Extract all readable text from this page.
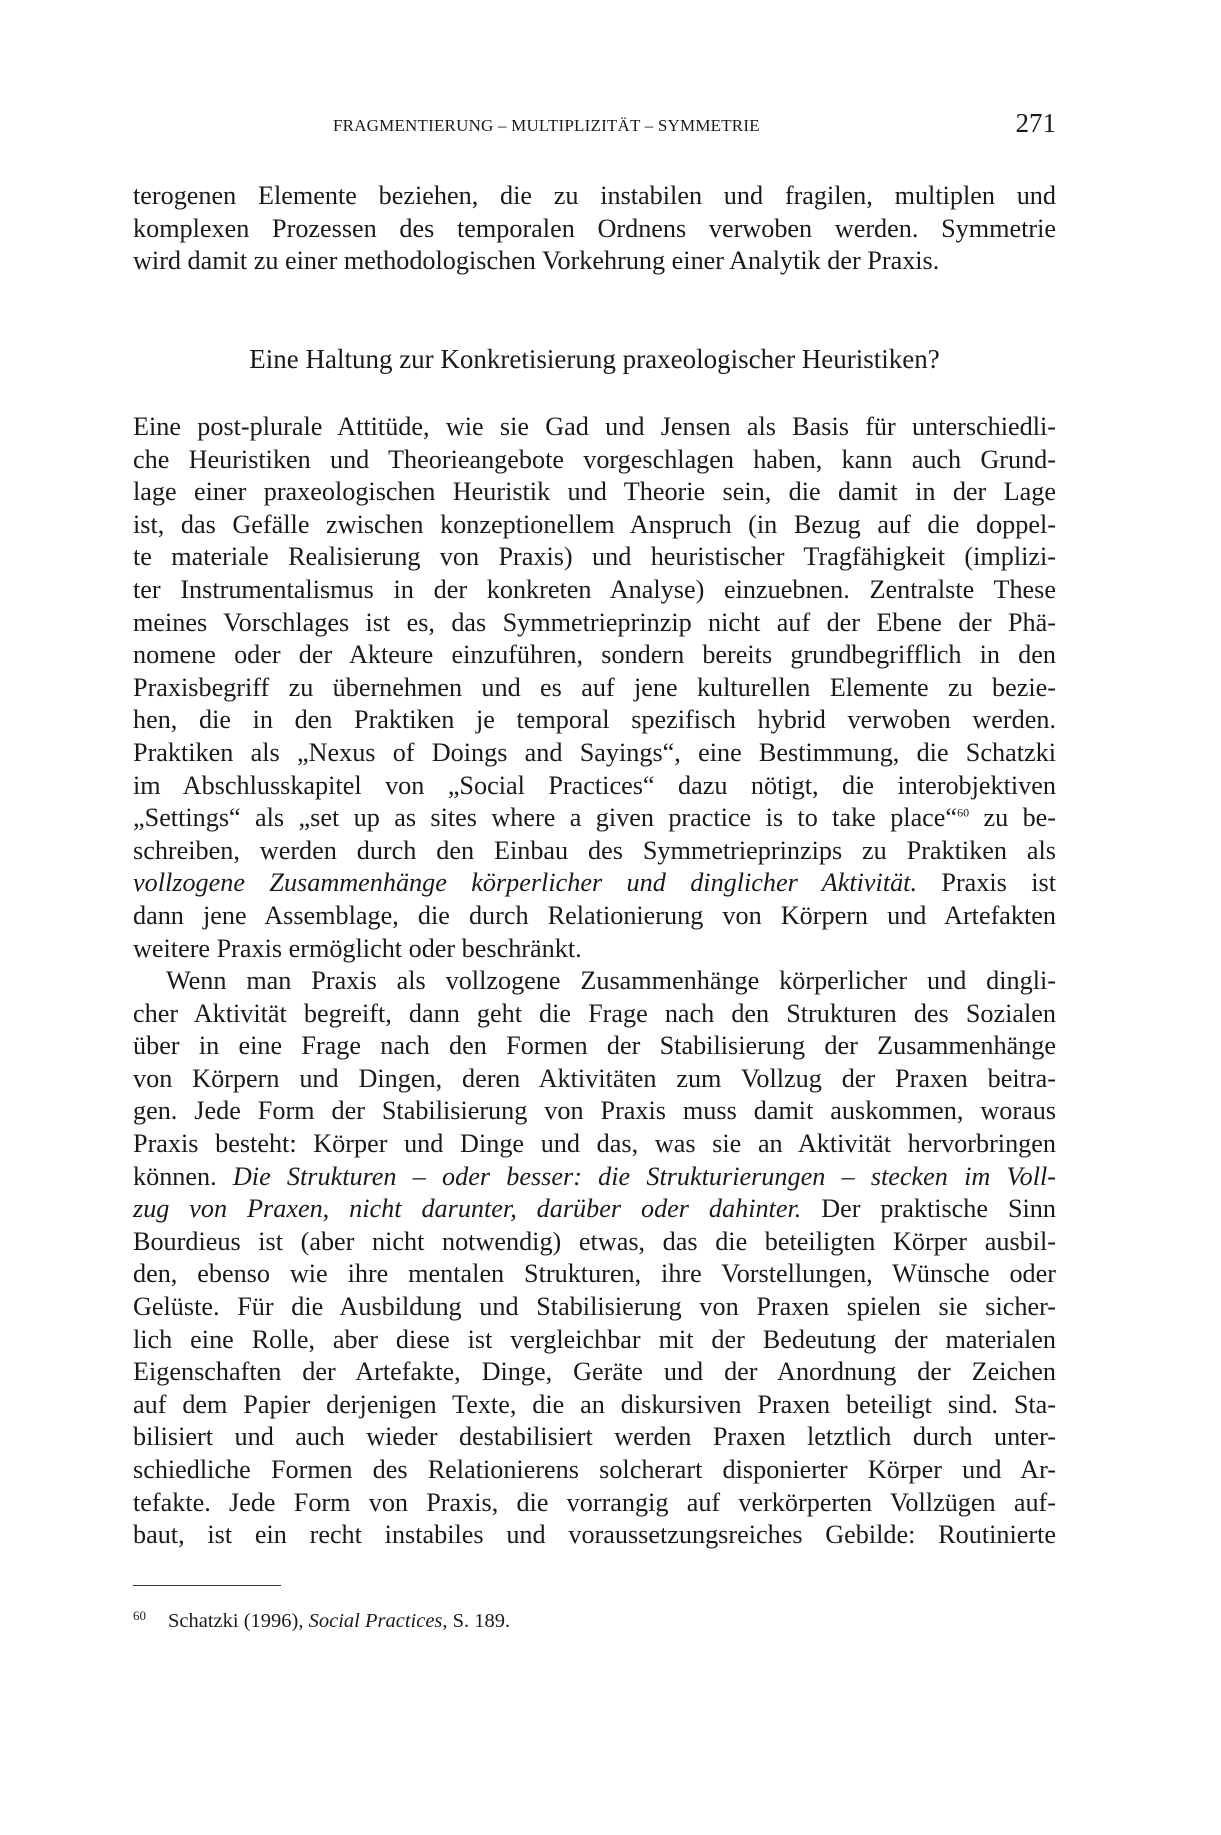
FRAGMENTIERUNG – MULTIPLIZITÄT – SYMMETRIE	271
terogenen Elemente beziehen, die zu instabilen und fragilen, multiplen und
komplexen Prozessen des temporalen Ordnens verwoben werden. Symmetrie
wird damit zu einer methodologischen Vorkehrung einer Analytik der Praxis.
Eine Haltung zur Konkretisierung praxeologischer Heuristiken?
Eine post-plurale Attitüde, wie sie Gad und Jensen als Basis für unterschiedli-
che Heuristiken und Theorieangebote vorgeschlagen haben, kann auch Grund-
lage einer praxeologischen Heuristik und Theorie sein, die damit in der Lage
ist, das Gefälle zwischen konzeptionellem Anspruch (in Bezug auf die doppel-
te materiale Realisierung von Praxis) und heuristischer Tragfähigkeit (implizi-
ter Instrumentalismus in der konkreten Analyse) einzuebnen. Zentralste These
meines Vorschlages ist es, das Symmetrieprinzip nicht auf der Ebene der Phä-
nomene oder der Akteure einzuführen, sondern bereits grundbegrifflich in den
Praxisbegriff zu übernehmen und es auf jene kulturellen Elemente zu bezie-
hen, die in den Praktiken je temporal spezifisch hybrid verwoben werden.
Praktiken als „Nexus of Doings and Sayings“, eine Bestimmung, die Schatzki
im Abschlusskapitel von „Social Practices“ dazu nötigt, die interobjektiven
„Settings“ als „set up as sites where a given practice is to take place“$^{60}$ zu be-
schreiben, werden durch den Einbau des Symmetrieprinzips zu Praktiken als
vollzogene Zusammenhänge körperlicher und dinglicher Aktivität. Praxis ist
dann jene Assemblage, die durch Relationierung von Körpern und Artefakten
weitere Praxis ermöglicht oder beschränkt.
Wenn man Praxis als vollzogene Zusammenhänge körperlicher und dingli-
cher Aktivität begreift, dann geht die Frage nach den Strukturen des Sozialen
über in eine Frage nach den Formen der Stabilisierung der Zusammenhänge
von Körpern und Dingen, deren Aktivitäten zum Vollzug der Praxen beitra-
gen. Jede Form der Stabilisierung von Praxis muss damit auskommen, woraus
Praxis besteht: Körper und Dinge und das, was sie an Aktivität hervorbringen
können. Die Strukturen – oder besser: die Strukturierungen – stecken im Voll-
zug von Praxen, nicht darunter, darüber oder dahinter. Der praktische Sinn
Bourdieus ist (aber nicht notwendig) etwas, das die beteiligten Körper ausbil-
den, ebenso wie ihre mentalen Strukturen, ihre Vorstellungen, Wünsche oder
Gelüste. Für die Ausbildung und Stabilisierung von Praxen spielen sie sicher-
lich eine Rolle, aber diese ist vergleichbar mit der Bedeutung der materialen
Eigenschaften der Artefakte, Dinge, Geräte und der Anordnung der Zeichen
auf dem Papier derjenigen Texte, die an diskursiven Praxen beteiligt sind. Sta-
bilisiert und auch wieder destabilisiert werden Praxen letztlich durch unter-
schiedliche Formen des Relationierens solcherart disponierter Körper und Ar-
tefakte. Jede Form von Praxis, die vorrangig auf verkörperten Vollzügen auf-
baut, ist ein recht instabiles und voraussetzungsreiches Gebilde: Routinierte
$^{60}$ Schatzki (1996), Social Practices, S. 189.
